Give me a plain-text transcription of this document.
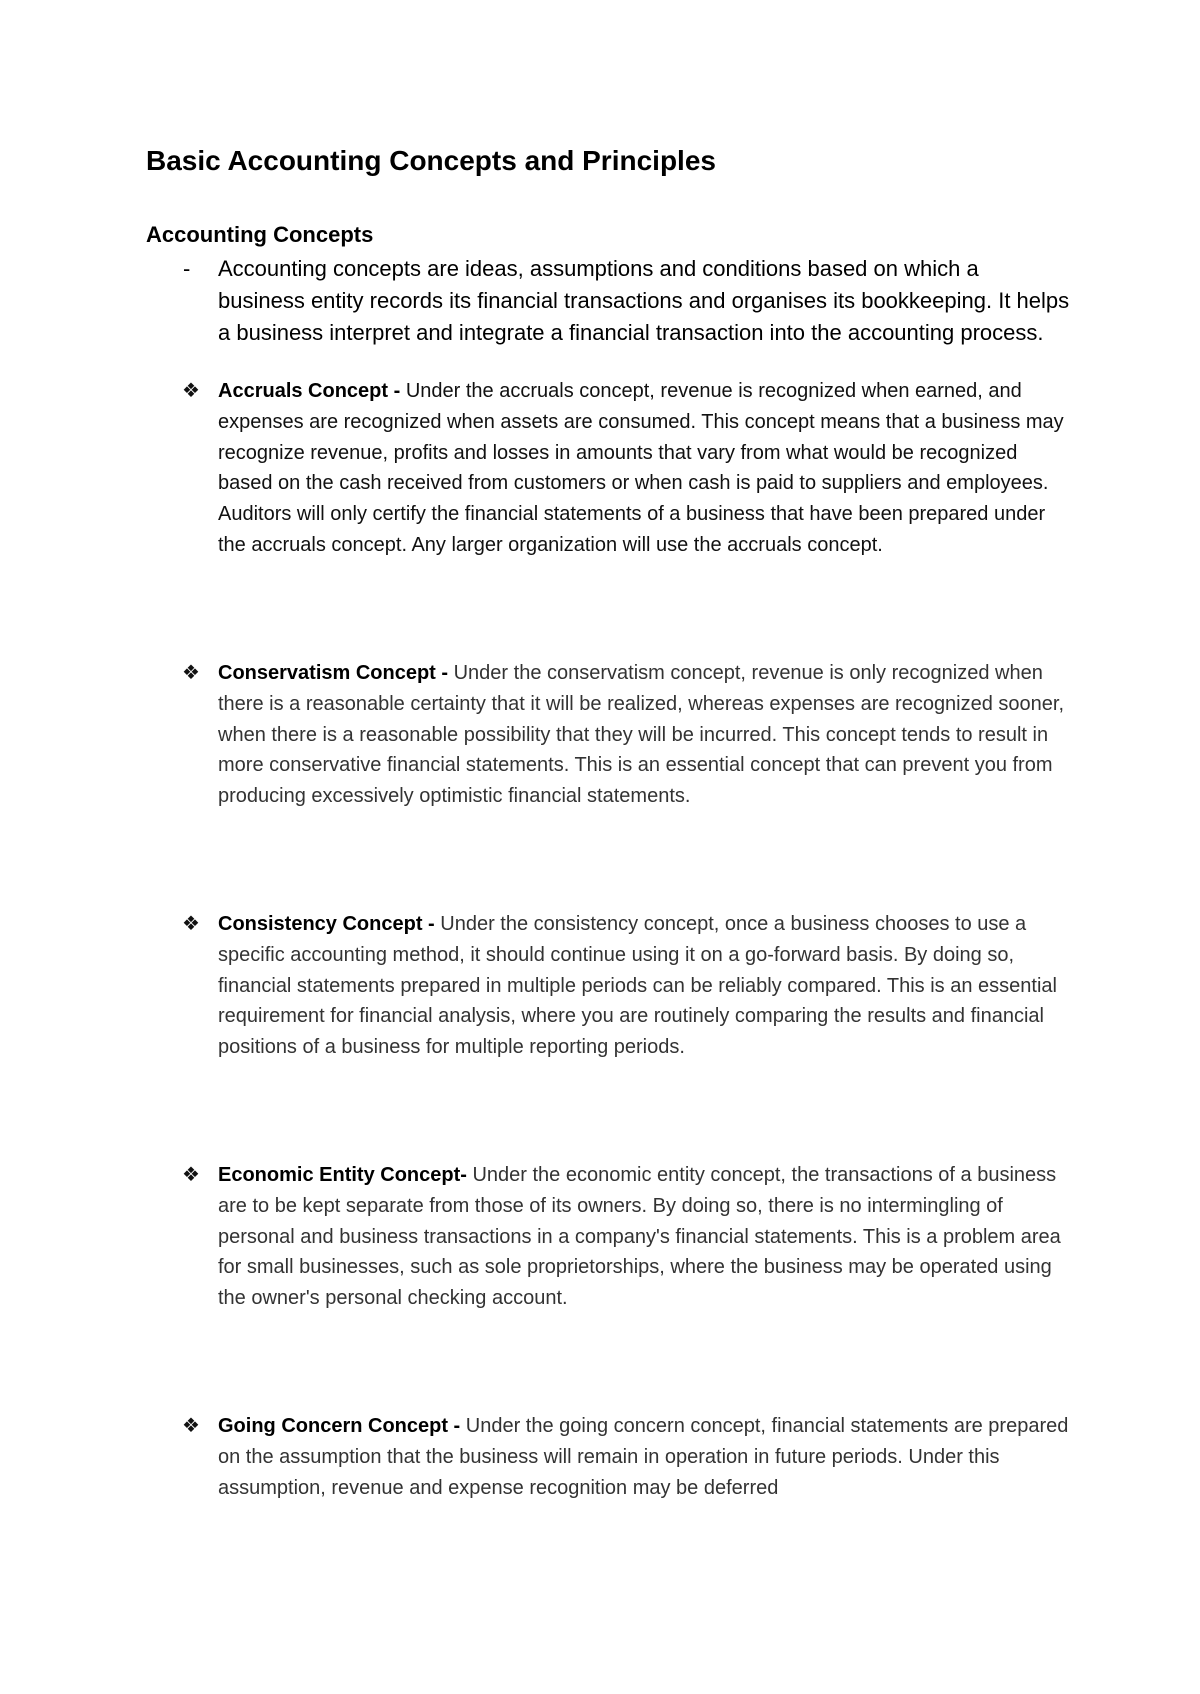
Basic Accounting Concepts and Principles
Accounting Concepts
- Accounting concepts are ideas, assumptions and conditions based on which a business entity records its financial transactions and organises its bookkeeping. It helps a business interpret and integrate a financial transaction into the accounting process.

❖ Accruals Concept - Under the accruals concept, revenue is recognized when earned, and expenses are recognized when assets are consumed. This concept means that a business may recognize revenue, profits and losses in amounts that vary from what would be recognized based on the cash received from customers or when cash is paid to suppliers and employees. Auditors will only certify the financial statements of a business that have been prepared under the accruals concept. Any larger organization will use the accruals concept.

❖ Conservatism Concept - Under the conservatism concept, revenue is only recognized when there is a reasonable certainty that it will be realized, whereas expenses are recognized sooner, when there is a reasonable possibility that they will be incurred. This concept tends to result in more conservative financial statements. This is an essential concept that can prevent you from producing excessively optimistic financial statements.

❖ Consistency Concept - Under the consistency concept, once a business chooses to use a specific accounting method, it should continue using it on a go-forward basis. By doing so, financial statements prepared in multiple periods can be reliably compared. This is an essential requirement for financial analysis, where you are routinely comparing the results and financial positions of a business for multiple reporting periods.

❖ Economic Entity Concept- Under the economic entity concept, the transactions of a business are to be kept separate from those of its owners. By doing so, there is no intermingling of personal and business transactions in a company's financial statements. This is a problem area for small businesses, such as sole proprietorships, where the business may be operated using the owner's personal checking account.

❖ Going Concern Concept - Under the going concern concept, financial statements are prepared on the assumption that the business will remain in operation in future periods. Under this assumption, revenue and expense recognition may be deferred
